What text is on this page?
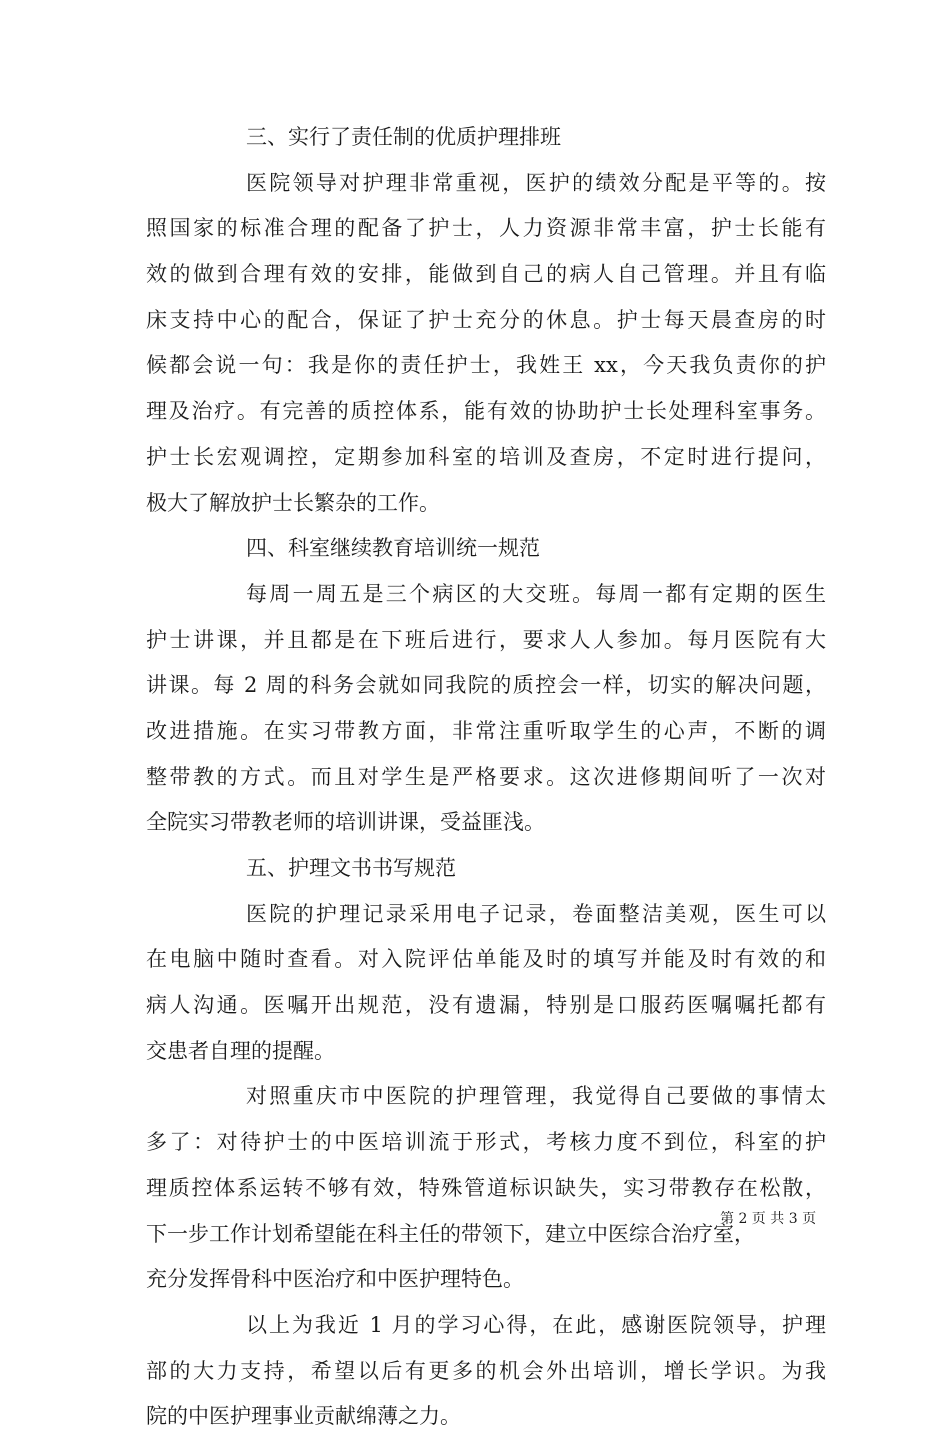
三、实行了责任制的优质护理排班
医院领导对护理非常重视，医护的绩效分配是平等的。按
照国家的标准合理的配备了护士，人力资源非常丰富，护士长能有
效的做到合理有效的安排，能做到自己的病人自己管理。并且有临
床支持中心的配合，保证了护士充分的休息。护士每天晨查房的时
候都会说一句：我是你的责任护士，我姓王 xx，今天我负责你的护
理及治疗。有完善的质控体系，能有效的协助护士长处理科室事务。
护士长宏观调控，定期参加科室的培训及查房，不定时进行提问，
极大了解放护士长繁杂的工作。
四、科室继续教育培训统一规范
每周一周五是三个病区的大交班。每周一都有定期的医生
护士讲课，并且都是在下班后进行，要求人人参加。每月医院有大
讲课。每 2 周的科务会就如同我院的质控会一样，切实的解决问题，
改进措施。在实习带教方面，非常注重听取学生的心声，不断的调
整带教的方式。而且对学生是严格要求。这次进修期间听了一次对
全院实习带教老师的培训讲课，受益匪浅。
五、护理文书书写规范
医院的护理记录采用电子记录，卷面整洁美观，医生可以
在电脑中随时查看。对入院评估单能及时的填写并能及时有效的和
病人沟通。医嘱开出规范，没有遗漏，特别是口服药医嘱嘱托都有
交患者自理的提醒。
对照重庆市中医院的护理管理，我觉得自己要做的事情太
多了：对待护士的中医培训流于形式，考核力度不到位，科室的护
理质控体系运转不够有效，特殊管道标识缺失，实习带教存在松散，
下一步工作计划希望能在科主任的带领下，建立中医综合治疗室，
充分发挥骨科中医治疗和中医护理特色。
以上为我近 1 月的学习心得，在此，感谢医院领导，护理
部的大力支持，希望以后有更多的机会外出培训，增长学识。为我
院的中医护理事业贡献绵薄之力。
第 2 页 共 3 页
